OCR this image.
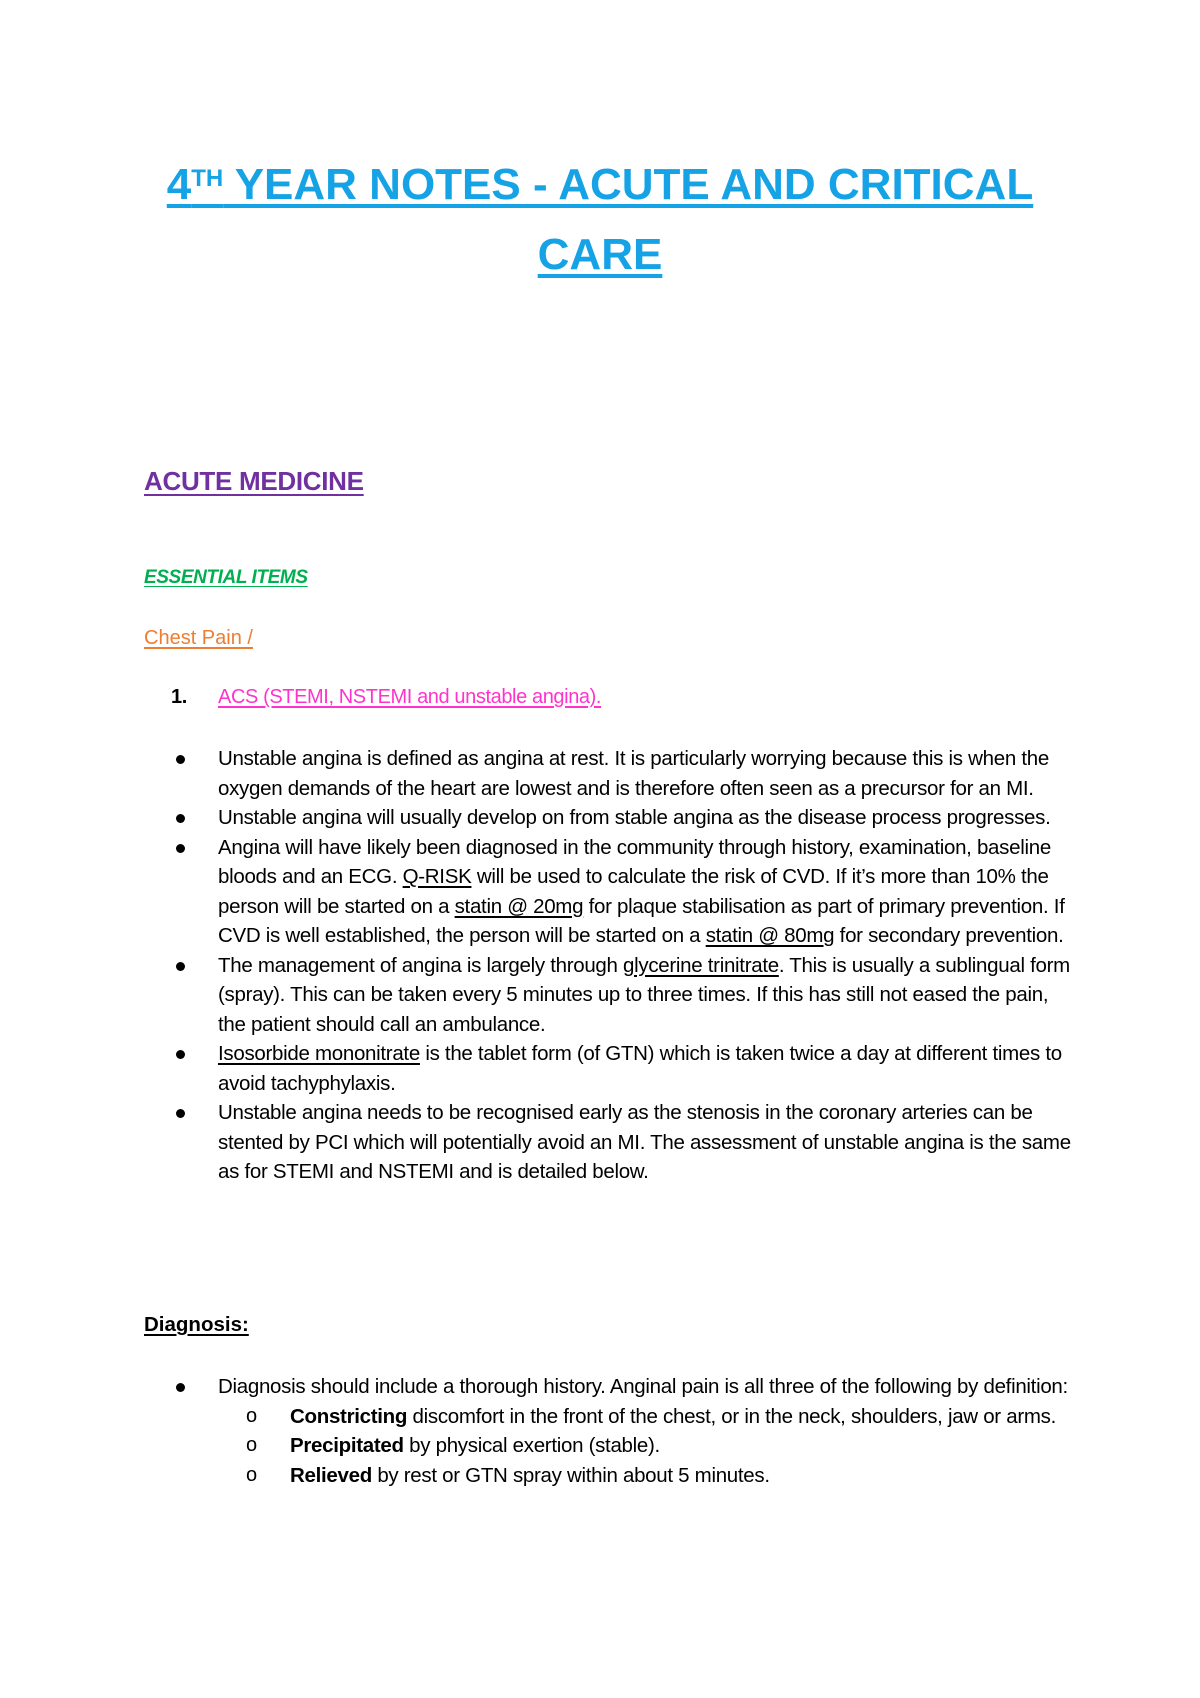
4TH YEAR NOTES - ACUTE AND CRITICAL
CARE
ACUTE MEDICINE
ESSENTIAL ITEMS
Chest Pain /
1. ACS (STEMI, NSTEMI and unstable angina).
Unstable angina is defined as angina at rest. It is particularly worrying because this is when the oxygen demands of the heart are lowest and is therefore often seen as a precursor for an MI.
Unstable angina will usually develop on from stable angina as the disease process progresses.
Angina will have likely been diagnosed in the community through history, examination, baseline bloods and an ECG. Q-RISK will be used to calculate the risk of CVD. If it’s more than 10% the person will be started on a statin @ 20mg for plaque stabilisation as part of primary prevention. If CVD is well established, the person will be started on a statin @ 80mg for secondary prevention.
The management of angina is largely through glycerine trinitrate. This is usually a sublingual form (spray). This can be taken every 5 minutes up to three times. If this has still not eased the pain, the patient should call an ambulance.
Isosorbide mononitrate is the tablet form (of GTN) which is taken twice a day at different times to avoid tachyphylaxis.
Unstable angina needs to be recognised early as the stenosis in the coronary arteries can be stented by PCI which will potentially avoid an MI. The assessment of unstable angina is the same as for STEMI and NSTEMI and is detailed below.
Diagnosis:
Diagnosis should include a thorough history. Anginal pain is all three of the following by definition:
o Constricting discomfort in the front of the chest, or in the neck, shoulders, jaw or arms.
o Precipitated by physical exertion (stable).
o Relieved by rest or GTN spray within about 5 minutes.
